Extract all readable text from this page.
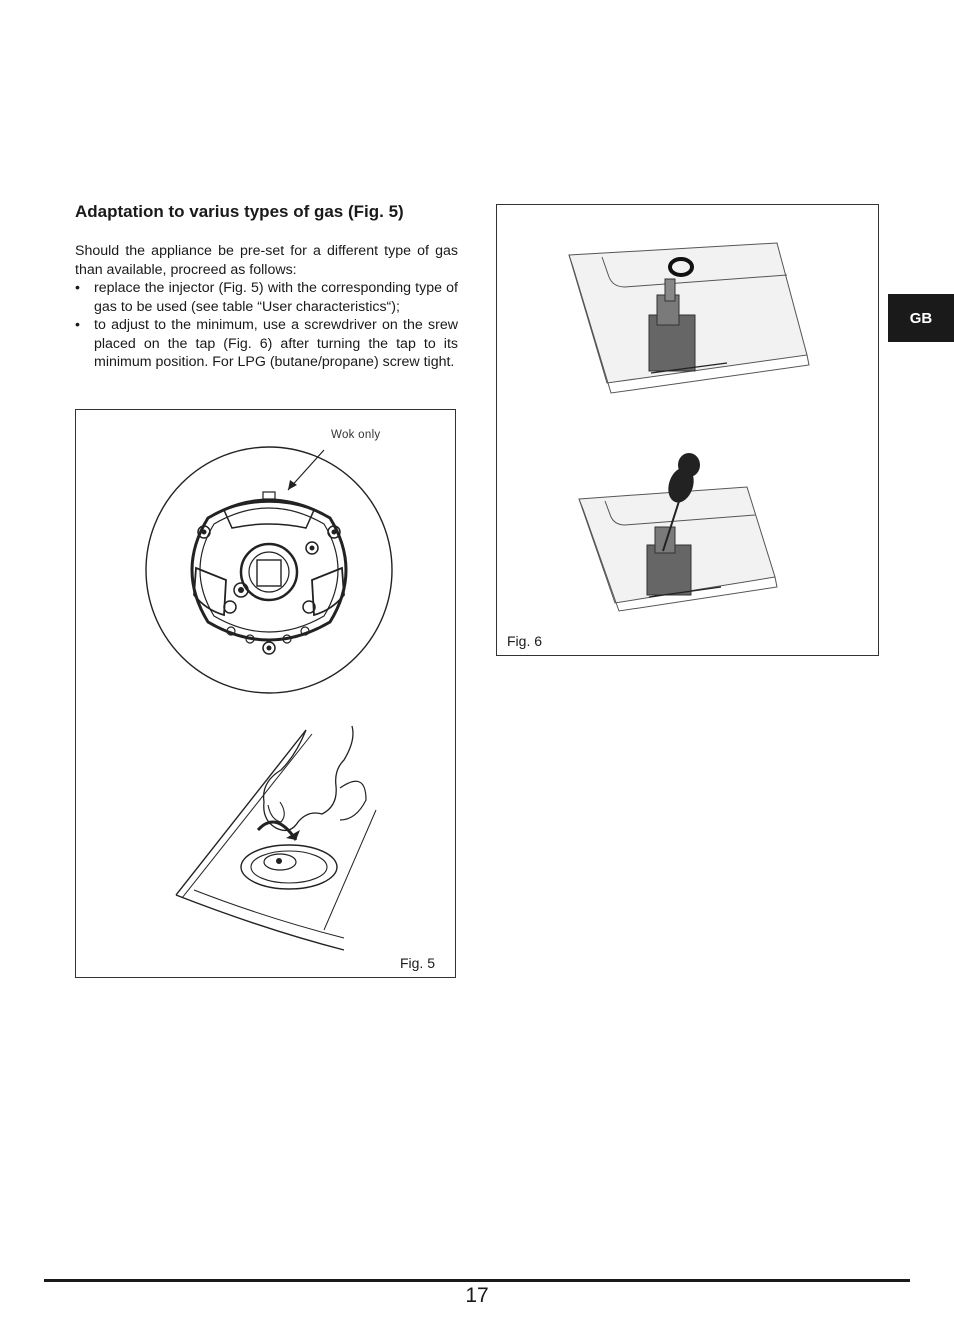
Adaptation to varius types of gas (Fig. 5)

Should the appliance be pre-set for a different type of gas than available, procreed as follows:

• replace the injector (Fig. 5) with the corresponding type of gas to be used (see table “User characteristics“);
• to adjust to the minimum, use a screwdriver on the srew placed on the tap (Fig. 6) after turning the tap to its minimum position. For LPG (butane/propane) screw tight.
Wok only
Fig. 5
Fig. 6
GB
17
